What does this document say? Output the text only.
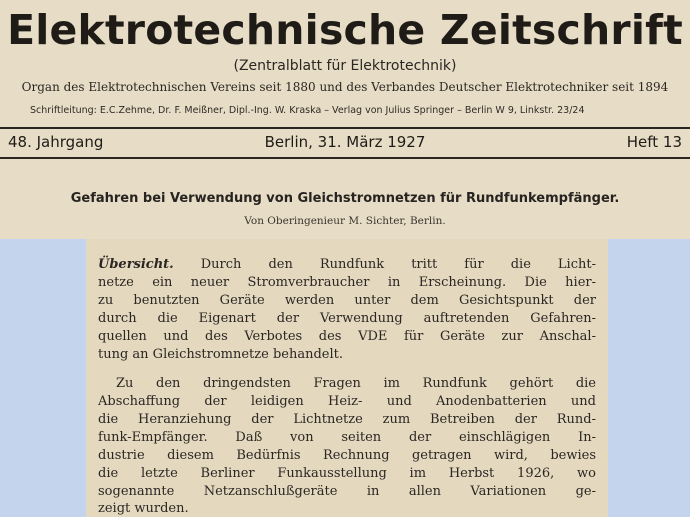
Elektrotechnische Zeitschrift
(Zentralblatt für Elektrotechnik)
Organ des Elektrotechnischen Vereins seit 1880 und des Verbandes Deutscher Elektrotechniker seit 1894
Schriftleitung: E.C.Zehme, Dr. F. Meißner, Dipl.-Ing. W. Kraska – Verlag von Julius Springer – Berlin W 9, Linkstr. 23/24
48. Jahrgang	Berlin, 31. März 1927	Heft 13
Gefahren bei Verwendung von Gleichstromnetzen für Rundfunkempfänger.
Von Oberingenieur M. Sichter, Berlin.
Übersicht. Durch den Rundfunk tritt für die Licht-
netze ein neuer Stromverbraucher in Erscheinung. Die hier-
zu benutzten Geräte werden unter dem Gesichtspunkt der
durch die Eigenart der Verwendung auftretenden Gefahren-
quellen und des Verbotes des VDE für Geräte zur Anschal-
tung an Gleichstromnetze behandelt.
Zu den dringendsten Fragen im Rundfunk gehört die
Abschaffung der leidigen Heiz- und Anodenbatterien und
die Heranziehung der Lichtnetze zum Betreiben der Rund-
funk-Empfänger. Daß von seiten der einschlägigen In-
dustrie diesem Bedürfnis Rechnung getragen wird, bewies
die letzte Berliner Funkausstellung im Herbst 1926, wo
sogenannte Netzanschlußgeräte in allen Variationen ge-
zeigt wurden.
